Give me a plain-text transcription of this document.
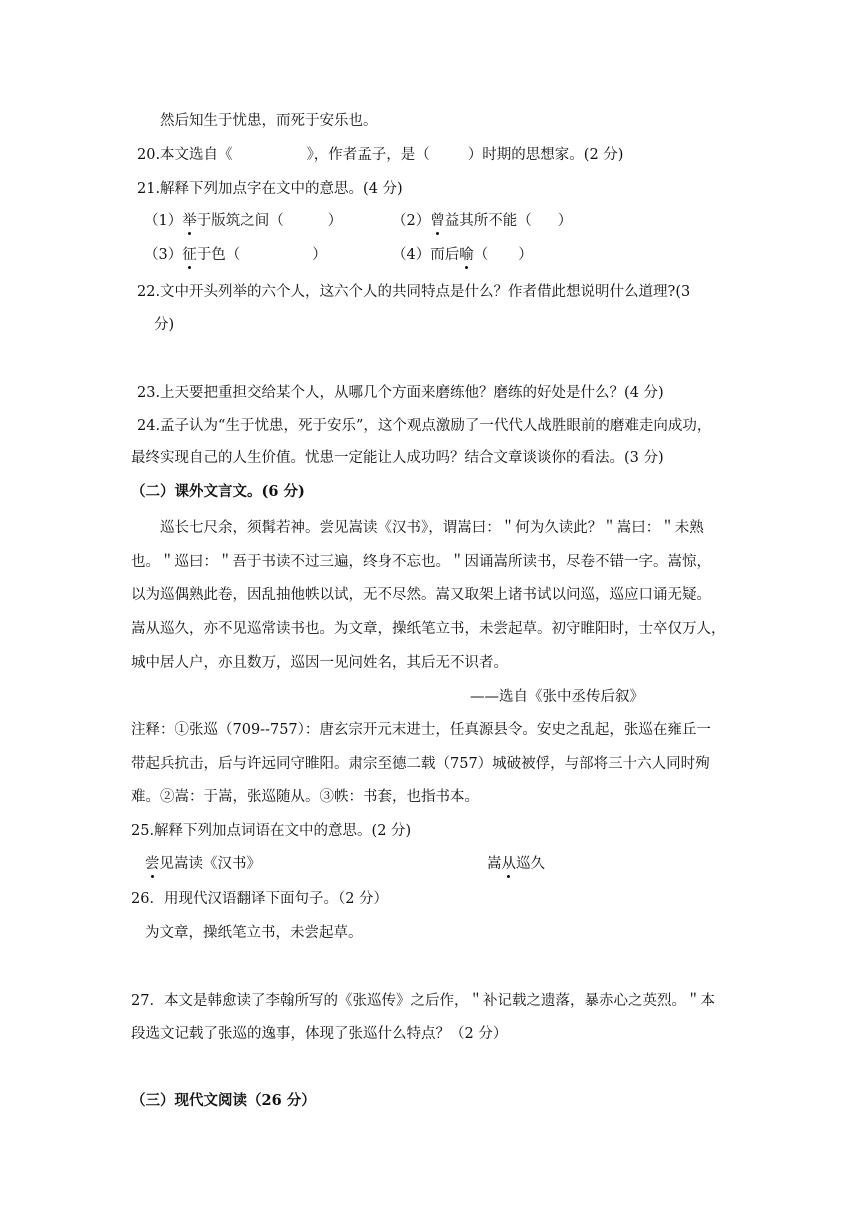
然后知生于忧患，而死于安乐也。
20.本文选自《	》，作者孟子，是（	）时期的思想家。(2 分)
21.解释下列加点字在文中的意思。(4 分)
（1）举于版筑之间（	）	（2）曾益其所不能（ ）
（3）征于色（	）	（4）而后喻（ ）
22.文中开头列举的六个人，这六个人的共同特点是什么？作者借此想说明什么道理?(3
分)
23.上天要把重担交给某个人，从哪几个方面来磨练他？磨练的好处是什么？(4 分)
24.孟子认为“生于忧患，死于安乐”，这个观点激励了一代代人战胜眼前的磨难走向成功，
最终实现自己的人生价值。忧患一定能让人成功吗？结合文章谈谈你的看法。(3 分)
（二）课外文言文。(6 分)
巡长七尺余，须髯若神。尝见嵩读《汉书》，谓嵩曰：＂何为久读此？＂嵩曰：＂未熟
也。＂巡曰：＂吾于书读不过三遍，终身不忘也。＂因诵嵩所读书，尽卷不错一字。嵩惊，
以为巡偶熟此卷，因乱抽他帙以试，无不尽然。嵩又取架上诸书试以问巡，巡应口诵无疑。
嵩从巡久，亦不见巡常读书也。为文章，操纸笔立书，未尝起草。初守睢阳时，士卒仅万人，
城中居人户，亦且数万，巡因一见问姓名，其后无不识者。
——选自《张中丞传后叙》
注释：①张巡（709--757）：唐玄宗开元末进士，任真源县令。安史之乱起，张巡在雍丘一
带起兵抗击，后与许远同守睢阳。肃宗至德二载（757）城破被俘，与部将三十六人同时殉
难。②嵩：于嵩，张巡随从。③帙：书套，也指书本。
25.解释下列加点词语在文中的意思。(2 分)
尝见嵩读《汉书》	嵩从巡久
26．用现代汉语翻译下面句子。（2 分）
为文章，操纸笔立书，未尝起草。
27．本文是韩愈读了李翰所写的《张巡传》之后作，＂补记载之遗落，暴赤心之英烈。＂本
段选文记载了张巡的逸事，体现了张巡什么特点？（2 分）
（三）现代文阅读（26 分）
